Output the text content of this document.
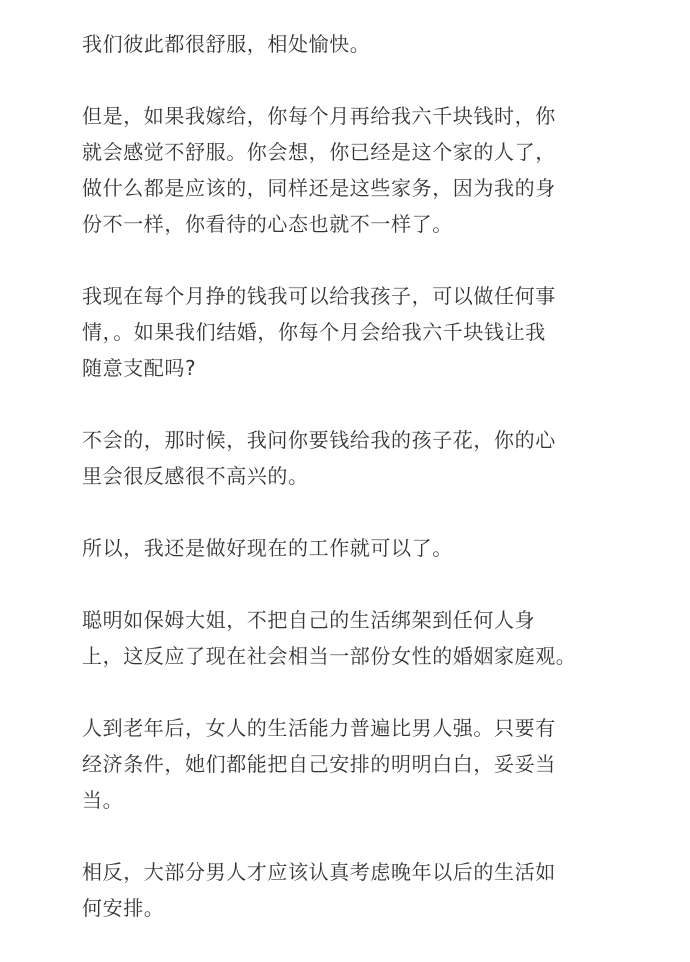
我们彼此都很舒服，相处愉快。
但是，如果我嫁给，你每个月再给我六千块钱时，你
就会感觉不舒服。你会想，你已经是这个家的人了，
做什么都是应该的，同样还是这些家务，因为我的身
份不一样，你看待的心态也就不一样了。
我现在每个月挣的钱我可以给我孩子，可以做任何事
情，。如果我们结婚，你每个月会给我六千块钱让我
随意支配吗?
不会的，那时候，我问你要钱给我的孩子花，你的心
里会很反感很不高兴的。
所以，我还是做好现在的工作就可以了。
聪明如保姆大姐，不把自己的生活绑架到任何人身
上，这反应了现在社会相当一部份女性的婚姻家庭观。
人到老年后，女人的生活能力普遍比男人强。只要有
经济条件，她们都能把自己安排的明明白白，妥妥当
当。
相反，大部分男人才应该认真考虑晚年以后的生活如
何安排。
